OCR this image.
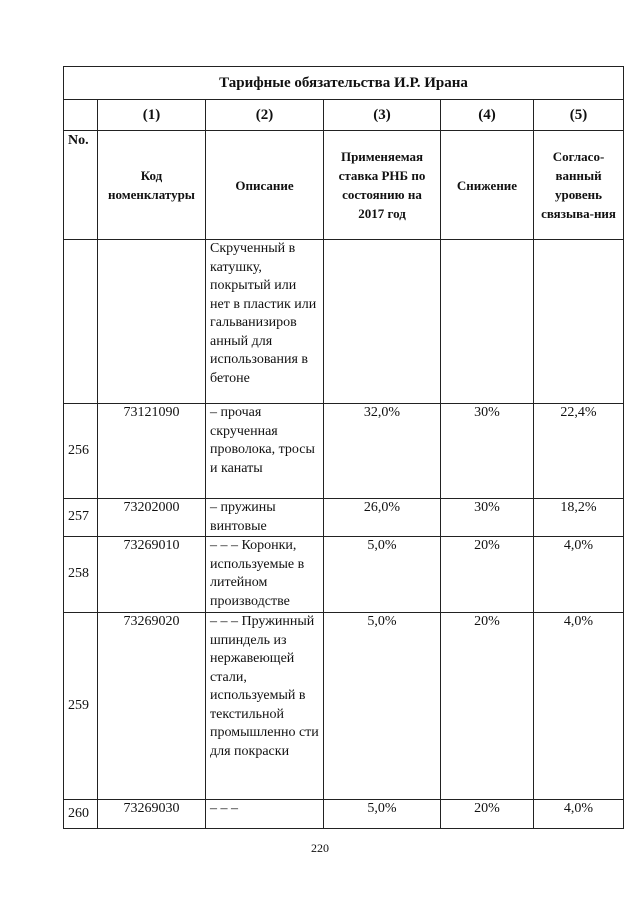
Тарифные обязательства И.Р. Ирана					
	(1)	(2)	(3)	(4)	(5)
No.	Код номенклатуры	Описание	Применяемая ставка РНБ по состоянию на 2017 год	Снижение	Согласо-ванный уровень связыва-ния
		Скрученный в катушку, покрытый или нет в пластик или гальванизиров анный для использования в бетоне			
256	73121090	– прочая скрученная проволока, тросы и канаты	32,0%	30%	22,4%
257	73202000	– пружины винтовые	26,0%	30%	18,2%
258	73269010	– – – Коронки, используемые в литейном производстве	5,0%	20%	4,0%
259	73269020	– – – Пружинный шпиндель из нержавеющей стали, используемый в текстильной промышленно сти для покраски	5,0%	20%	4,0%
260	73269030	– – –	5,0%	20%	4,0%
220
